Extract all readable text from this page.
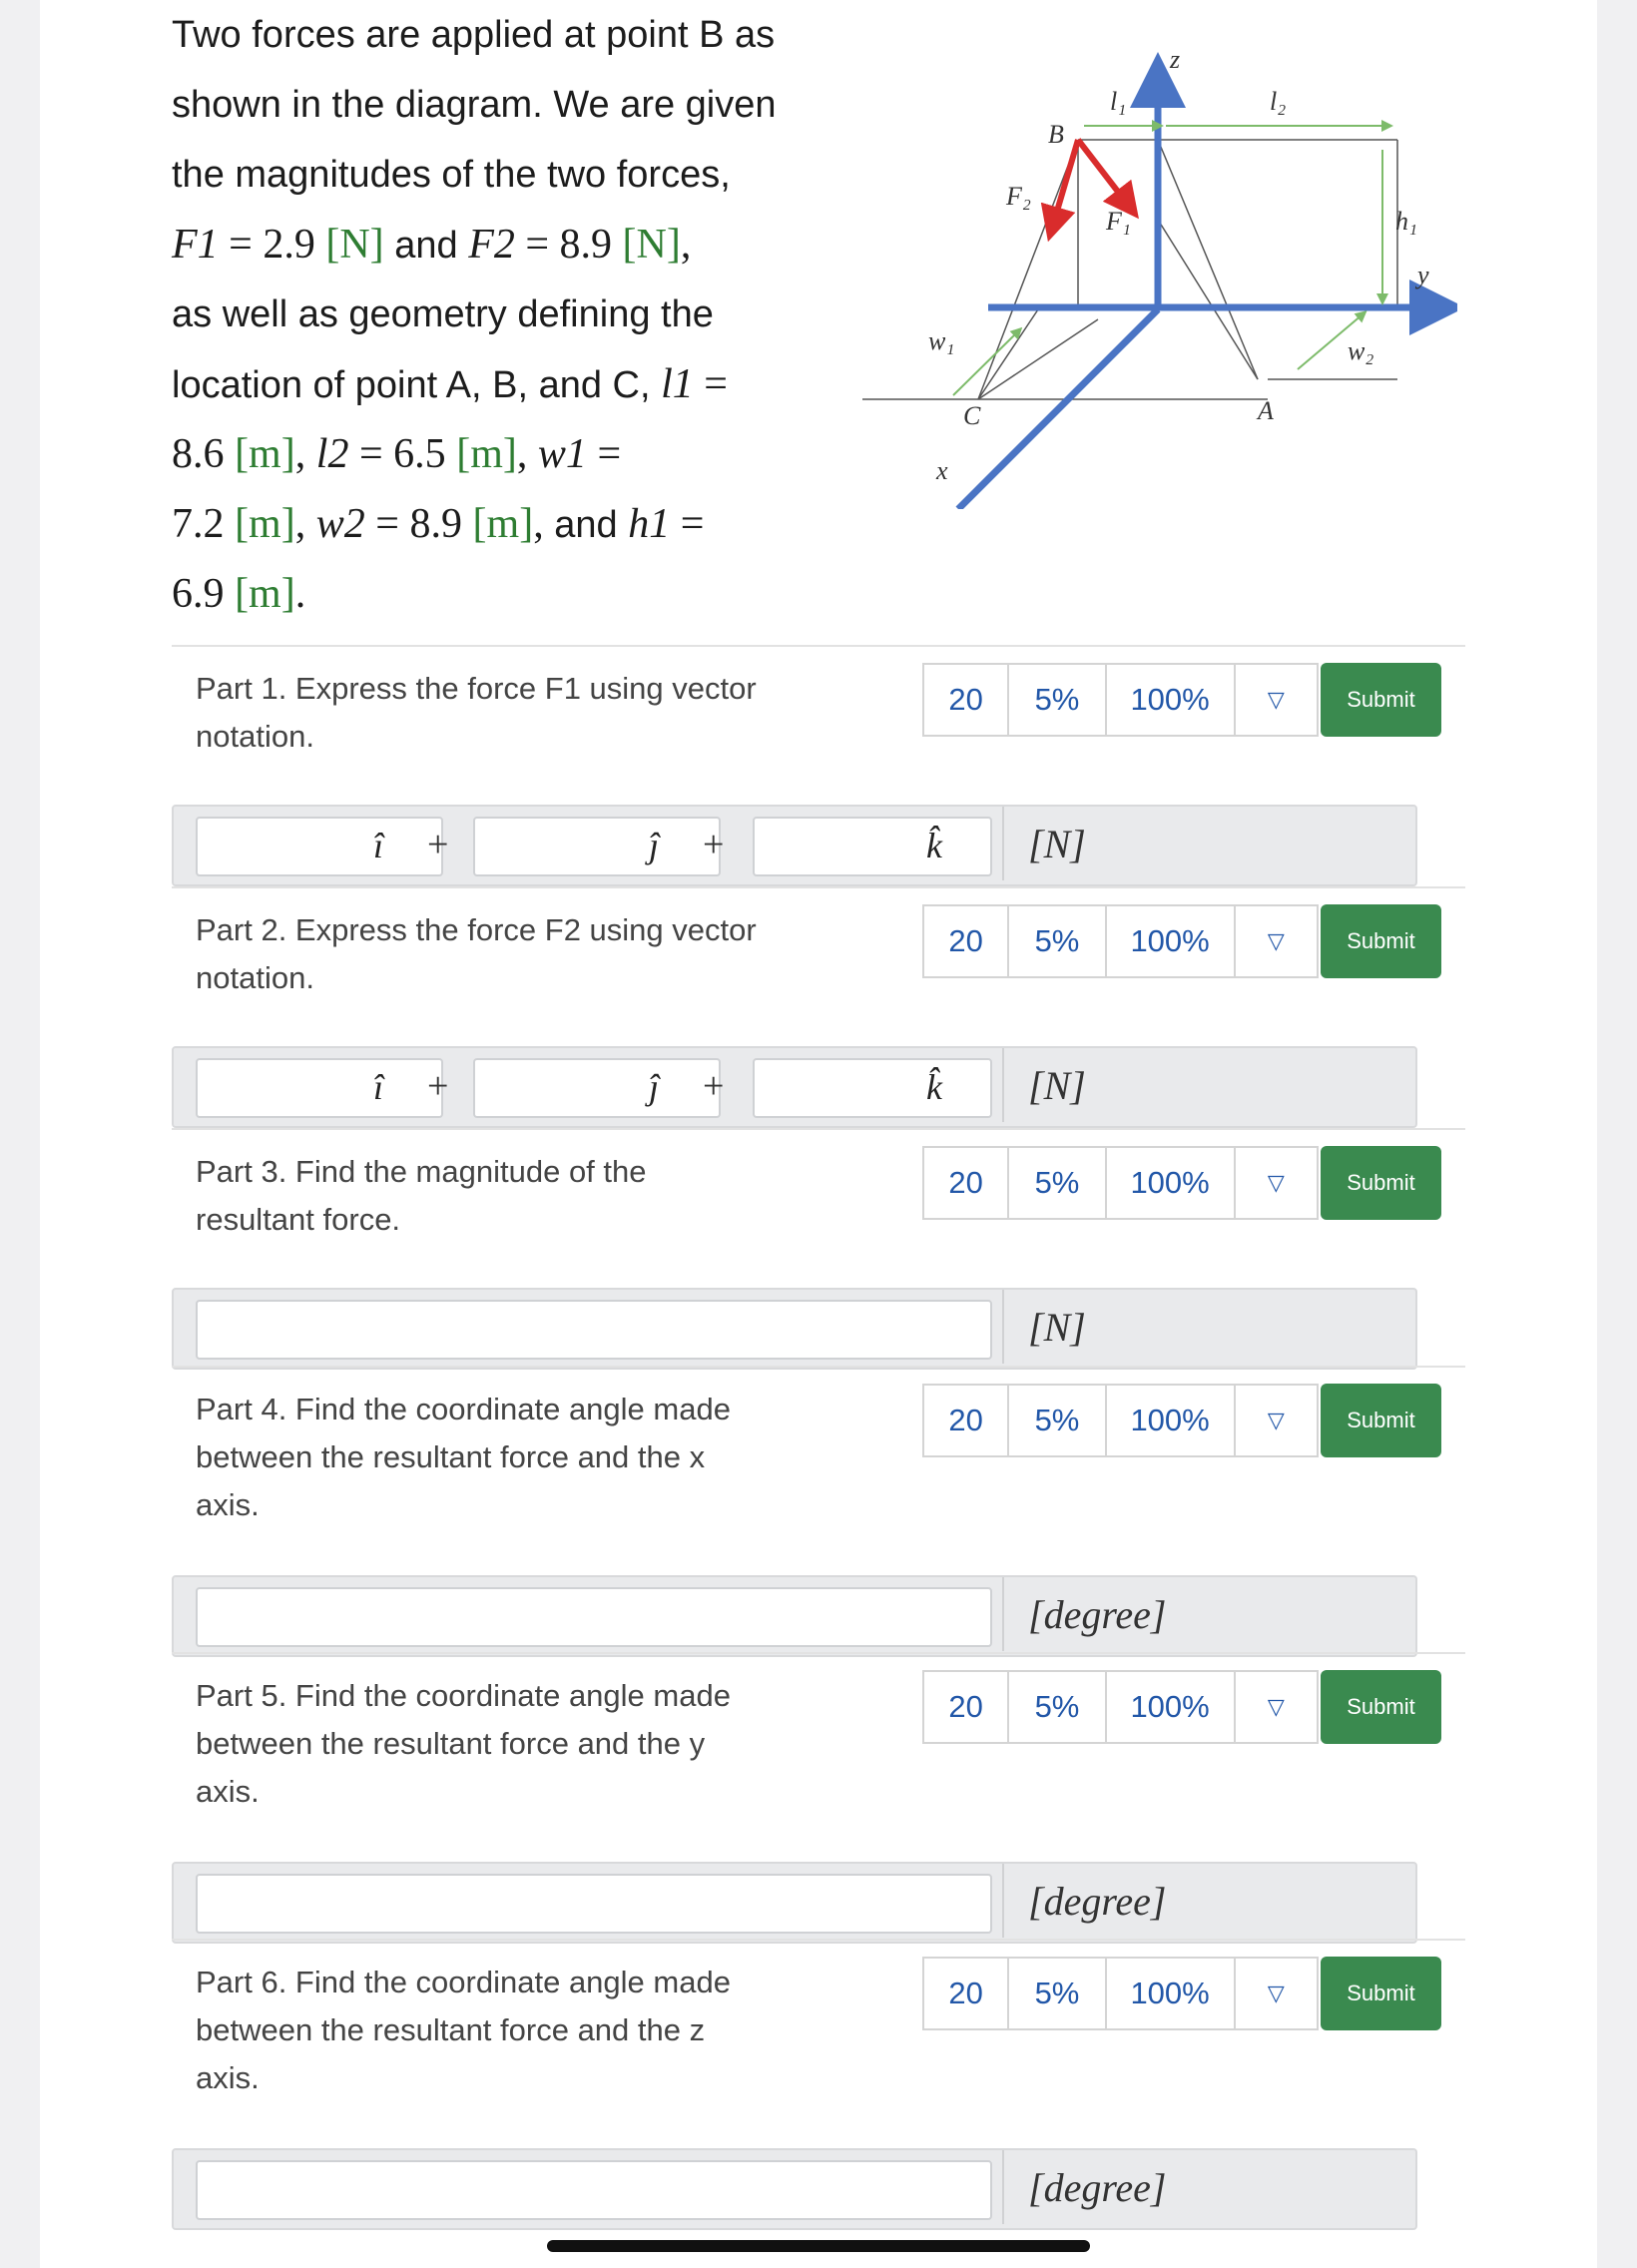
Two forces are applied at point B as
shown in the diagram. We are given
the magnitudes of the two forces,
F1 = 2.9 [N] and F2 = 8.9 [N],
as well as geometry defining the
location of point A, B, and C, l1 =
8.6 [m], l2 = 6.5 [m], w1 =
7.2 [m], w2 = 8.9 [m], and h1 =
6.9 [m].
z
y
x
l₁	l₂
h₁
w₁	w₂
B
A
C
F₁
F₂
Part 1. Express the force F1 using vector
notation.
20	5%	100%	▽	Submit
î +	ĵ +	k̂	[N]
Part 2. Express the force F2 using vector
notation.
20	5%	100%	▽	Submit
î +	ĵ +	k̂	[N]
Part 3. Find the magnitude of the
resultant force.
20	5%	100%	▽	Submit
[N]
Part 4. Find the coordinate angle made
between the resultant force and the x
axis.
20	5%	100%	▽	Submit
[degree]
Part 5. Find the coordinate angle made
between the resultant force and the y
axis.
20	5%	100%	▽	Submit
[degree]
Part 6. Find the coordinate angle made
between the resultant force and the z
axis.
20	5%	100%	▽	Submit
[degree]
